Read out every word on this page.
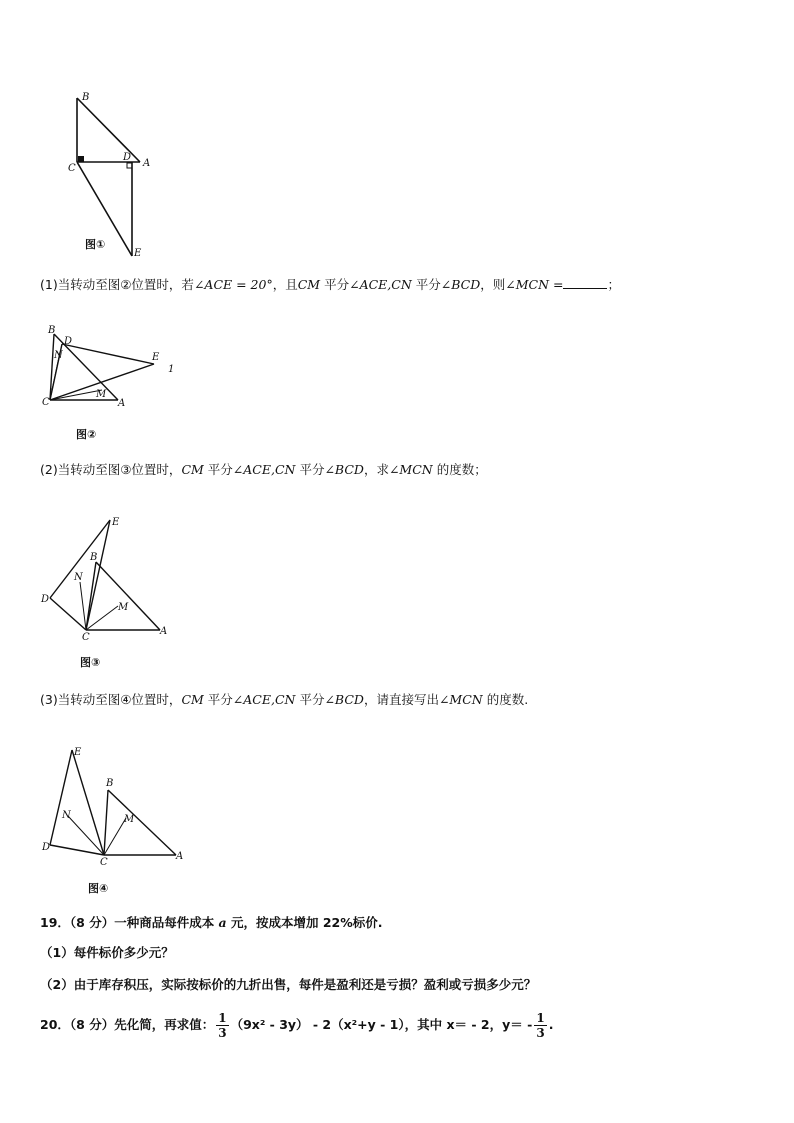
B
C
D
A
E
图①
(1)当转动至图②位置时，若∠ACE = 20°，且CM 平分∠ACE,CN 平分∠BCD，则∠MCN =	；
B
D
N	E
1
C
M
A
图②
(2)当转动至图③位置时，CM 平分∠ACE,CN 平分∠BCD，求∠MCN 的度数；
E
B
N
D
M
C
A
图③
(3)当转动至图④位置时，CM 平分∠ACE,CN 平分∠BCD，请直接写出∠MCN 的度数.
E
B
N	M
D
C
A
图④
19．（8 分）一种商品每件成本 a 元，按成本增加 22%标价.
（1）每件标价多少元？
（2）由于库存积压，实际按标价的九折出售，每件是盈利还是亏损？盈利或亏损多少元？
20．（8 分）先化简，再求值： $\frac{1}{3} (9x^2 - 3y) - 2(x^2+y - 1)$，其中 x＝ - 2，$y= - \frac{1}{3}$ .
